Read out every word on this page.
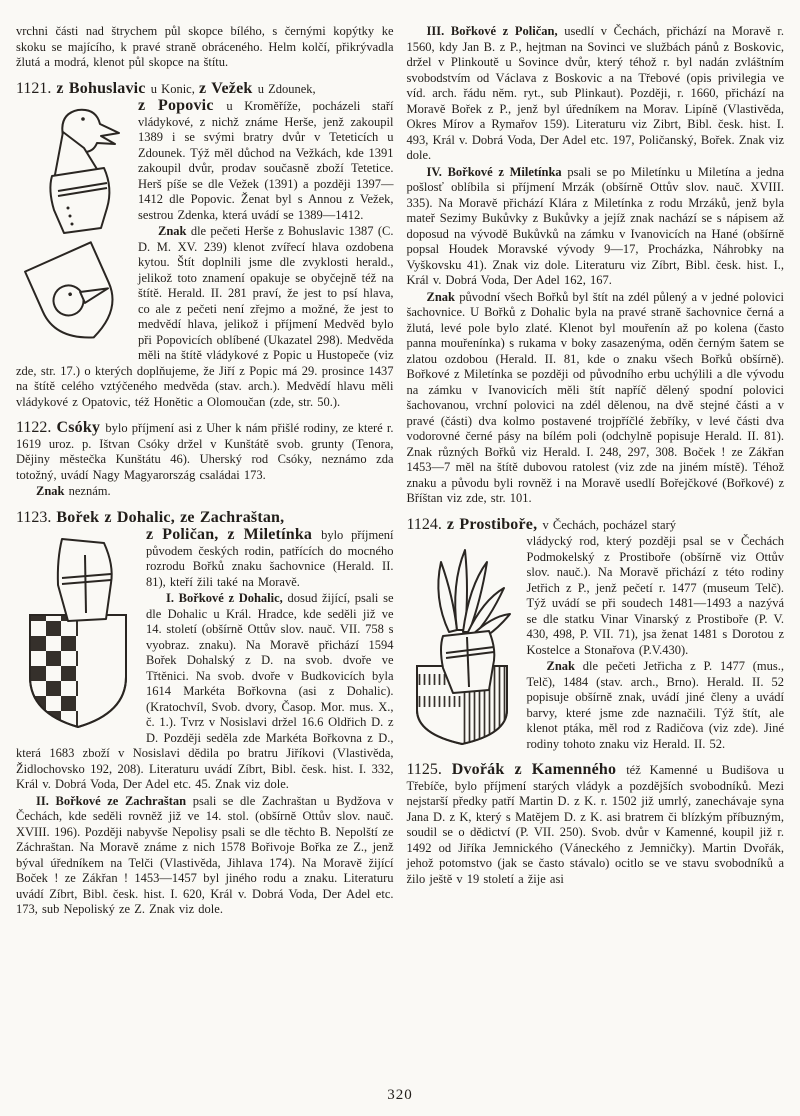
vrchni části nad štrychem půl skopce bílého, s černými kopýtky ke skoku se majícího, k pravé straně obráceného. Helm kolčí, přikrývadla žlutá a modrá, klenot půl skopce na štítu.

1121. z Bohuslavic u Konic, z Vežek u Zdounek,

z Popovic u Kroměříže, pocházeli staří vládykové, z nichž známe Herše, jenž zakoupil 1389 i se svými bratry dvůr v Teteticích u Zdounek. Týž měl důchod na Vežkách, kde 1391 zakoupil dvůr, prodav současně zboží Tetetice. Herš píše se dle Vežek (1391) a později 1397—1412 dle Popovic. Ženat byl s Annou z Vežek, sestrou Zdenka, která uvádí se 1389—1412.

Znak dle pečeti Herše z Bohuslavic 1387 (C. D. M. XV. 239) klenot zvířecí hlava ozdobena kytou. Štít doplnili jsme dle zvyklosti herald., jelikož toto znamení opakuje se obyčejně též na štítě. Herald. II. 281 praví, že jest to psí hlava, co ale z pečeti není zřejmo a možné, že jest to medvědí hlava, jelikož i příjmení Medvěd bylo při Popovicích oblíbené (Ukazatel 298). Medvěda měli na štítě vládykové z Popic u Hustopeče (viz zde, str. 17.) o kterých doplňujeme, že Jiří z Popic má 29. prosince 1437 na štítě celého vztýčeného medvěda (stav. arch.). Medvědí hlavu měli vládykové z Opatovic, též Honětic a Olomoučan (zde, str. 50.).

1122. Csóky bylo příjmení asi z Uher k nám přišlé rodiny, ze které r. 1619 uroz. p. Ištvan Csóky držel v Kunštátě svob. grunty (Tenora, Dějiny městečka Kunštátu 46). Uherský rod Csóky, neznámo zda totožný, uvádí Nagy Magyarország családai 173.

Znak neznám.

1123. Bořek z Dohalic, ze Zachraštan,

z Poličan, z Miletínka bylo příjmení původem českých rodin, patřících do mocného rozrodu Bořků znaku šachovnice (Herald. II. 81), kteří žili také na Moravě.

I. Bořkové z Dohalic, dosud žijící, psali se dle Dohalic u Král. Hradce, kde seděli již ve 14. století (obšírně Ottův slov. nauč. VII. 758 s vyobraz. znaku). Na Moravě přichází 1594 Bořek Dohalský z D. na svob. dvoře ve Třtěnici. Na svob. dvoře v Budkovicích byla 1614 Markéta Bořkovna (asi z Dohalic). (Kratochvíl, Svob. dvory, Časop. Mor. mus. X., č. 1.). Tvrz v Nosislavi držel 16.6 Oldřich D. z D. Později seděla zde Markéta Bořkovna z D., která 1683 zboží v Nosislavi dědila po bratru Jiříkovi (Vlastivěda, Židlochovsko 192, 208). Literaturu uvádí Zíbrt, Bibl. česk. hist. I. 332, Král v. Dobrá Voda, Der Adel etc. 45. Znak viz dole.

II. Bořkové ze Zachraštan psali se dle Zachraštan u Bydžova v Čechách, kde seděli rovněž již ve 14. stol. (obšírně Ottův slov. nauč. XVIII. 196). Později nabyvše Nepolisy psali se dle těchto B. Nepolští ze Záchraštan. Na Moravě známe z nich 1578 Bořivoje Bořka ze Z., jenž býval úředníkem na Telči (Vlastivěda, Jihlava 174). Na Moravě žijící Boček ! ze Zákřan ! 1453—1457 byl jiného rodu a znaku. Literaturu uvádí Zíbrt, Bibl. česk. hist. I. 620, Král v. Dobrá Voda, Der Adel etc. 173, sub Nepoliský ze Z. Znak viz dole.

III. Bořkové z Poličan, usedlí v Čechách, přichází na Moravě r. 1560, kdy Jan B. z P., hejtman na Sovinci ve službách pánů z Boskovic, držel v Plinkoutě u Sovince dvůr, který téhož r. byl nadán zvláštním svobodstvím od Václava z Boskovic a na Třebové (opis privilegia ve víd. arch. řádu něm. ryt., sub Plinkaut). Později, r. 1660, přichází na Moravě Bořek z P., jenž byl úředníkem na Morav. Lipíně (Vlastivěda, Okres Mírov a Rymařov 159). Literaturu viz Zibrt, Bibl. česk. hist. I. 493, Král v. Dobrá Voda, Der Adel etc. 197, Poličanský, Bořek. Znak viz dole.

IV. Bořkové z Miletínka psali se po Miletínku u Miletína a jedna pošlosť oblíbila si příjmení Mrzák (obšírně Ottův slov. nauč. XVIII. 335). Na Moravě přichází Klára z Miletínka z rodu Mrzáků, jenž byla mateř Sezimy Bukůvky z Bukůvky a jejíž znak nachází se s nápisem až doposud na vývodě Bukůvků na zámku v Ivanovicích na Hané (obšírně popsal Houdek Moravské vývody 9—17, Procházka, Náhrobky na Vyškovsku 41). Znak viz dole. Literaturu viz Zíbrt, Bibl. česk. hist. I., Král v. Dobrá Voda, Der Adel 162, 167.

Znak původní všech Bořků byl štít na zdél půlený a v jedné polovici šachovnice. U Bořků z Dohalic byla na pravé straně šachovnice černá a žlutá, levé pole bylo zlaté. Klenot byl mouřenín až po kolena (často panna mouřenínka) s rukama v boky zasazenýma, oděn černým šatem se zlatou ozdobou (Herald. II. 81, kde o znaku všech Bořků obšírně). Bořkové z Miletínka se později od původního erbu uchýlili a dle vývodu na zámku v Ivanovicích měli štít napříč dělený spodní polovici šachovanou, vrchní polovici na zdél dělenou, na dvě stejné části a v pravé (části) dva kolmo postavené trojpříčlé žebříky, v levé části dva vodorovné černé pásy na bílém poli (odchylně popisuje Herald. II. 81). Znak různých Bořků viz Herald. I. 248, 297, 308. Boček ! ze Zákřan 1453—7 měl na štítě dubovou ratolest (viz zde na jiném místě). Téhož znaku a původu byli rovněž i na Moravě usedlí Bořejčkové (Bořkové) z Bříštan viz zde, str. 101.

1124. z Prostiboře, v Čechách, pocházel starý

vládycký rod, který později psal se v Čechách Podmokelský z Prostiboře (obšírně viz Ottův slov. nauč.). Na Moravě přichází z této rodiny Jetřich z P., jenž pečetí r. 1477 (museum Telč). Týž uvádí se při soudech 1481—1493 a nazývá se dle statku Vinar Vinarský z Prostiboře (P. V. 430, 498, P. VII. 71), jsa ženat 1481 s Dorotou z Kostelce a Stonařova (P.V.430).

Znak dle pečeti Jetřicha z P. 1477 (mus., Telč), 1484 (stav. arch., Brno). Herald. II. 52 popisuje obšírně znak, uvádí jiné členy a uvádí barvy, které jsme zde naznačili. Týž štít, ale klenot ptáka, měl rod z Radičova (viz zde). Jiné rodiny tohoto znaku viz Herald. II. 52.

1125. Dvořák z Kamenného též Kamenné u Budišova u Třebíče, bylo příjmení starých vládyk a pozdějších svobodníků. Mezi nejstarší předky patří Martin D. z K. r. 1502 již umrlý, zanechávaje syna Jana D. z K, který s Matějem D. z K. asi bratrem či blízkým příbuzným, soudil se o dědictví (P. VII. 250). Svob. dvůr v Kamenné, koupil již r. 1492 od Jiříka Jemnického (Váneckého z Jemničky). Martin Dvořák, jehož potomstvo (jak se často stávalo) ocitlo se ve stavu svobodníků a žilo ještě v 19 století a žije asi

320
